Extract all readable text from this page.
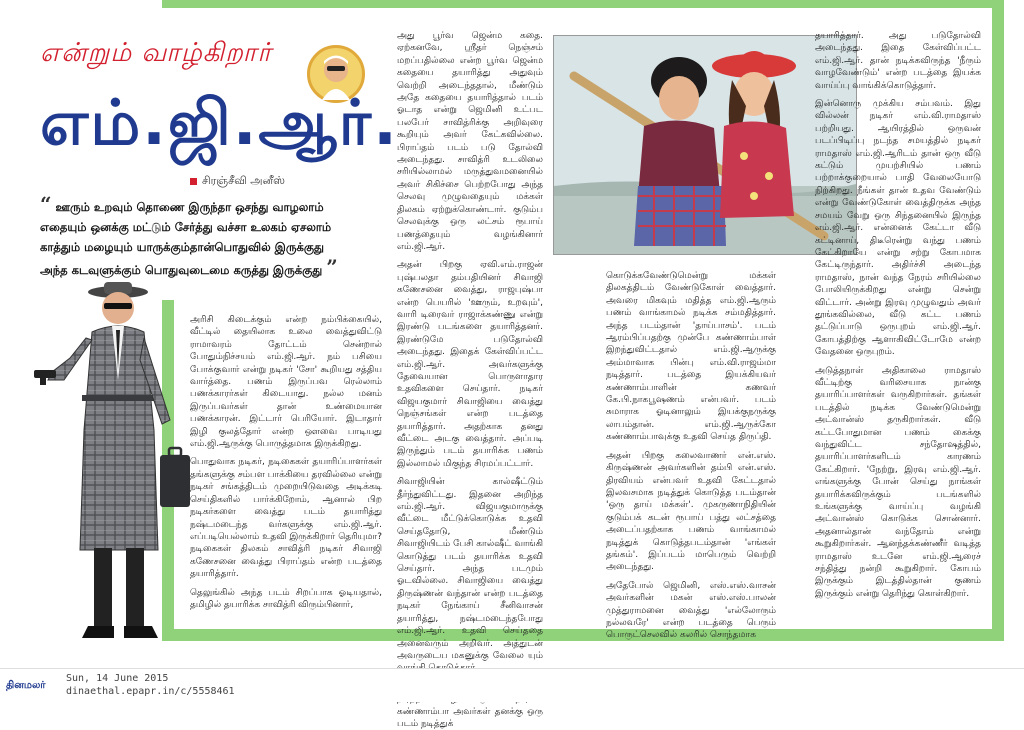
என்றும் வாழ்கிறார்
எம்.ஜி.ஆர்.
சிரஞ்சீவி அனீஸ்
“ ஊரும் உறவும் தொணை இருந்தா ஒசந்து வாழலாம்
எதையும் ஒனக்கு மட்டும் சேர்த்து வச்சா உலகம் ஏசலாம்
காத்தும் மழையும் யாருக்கும்தான்பொதுவில் இருக்குது
அந்த கடவுளுக்கும் பொதுவுடைமை கருத்து இருக்குது ”

அரிசி கிடைக்கும் என்ற நம்பிக்கையில், வீட்டில் தையிலாக உலை வைத்துவிட்டு ராமாவரம் தோட்டம் சென்றால் போதும்நிச்சயம் எம்.ஜி.ஆர். நம் பசியை போக்குவார் என்று நடிகர் 'சோ' கூறியது சத்திய வார்த்தை. பணம் இருப்பவ ரெல்லாம் பணக்காரர்கள் கிடையாது. நல்ல மனம் இருப்பவர்கள் தான் உண்மையான பணக்காரன். இட்டார் பெரியோர். இடாதார் இழி குலத்தோர் என்ற ஔவை பாடியது எம்.ஜி.ஆருக்கு பொருத்தமாக இருக்கிறது.

பொதுவாக நடிகர், நடிகைகள் தயாரிப்பாளர்கள் தங்களுக்கு சம்பள பாக்கியை தரவில்லை என்று நடிகர் சங்கத்திடம் முறையிடுவதை அடிக்கடி செய்திகளில் பார்க்கிறோம், ஆனால் பிற நடிகர்களை வைத்து படம் தயாரித்து நஷ்டமடைந்த வர்களுக்கு எம்.ஜி.ஆர். எப்படியெல்லாம் உதவி இருக்கிறார் தெரியுமா? நடிகைகள் திலகம் சாவித்ரி நடிகர் சிவாஜி கணேசனை வைத்து பிராப்தம் என்ற படத்தை தயாரித்தார்.

தெலுங்கில் அந்த படம் சிறப்பாக ஓடியதால், தமிழில் தயாரிக்க சாவித்ரி விரும்பினார்,

அது பூர்வ ஜென்ம கதை. ஏற்கனவே, ஸ்ரீதர் நெஞ்சம் மறப்பதில்லை என்ற பூர்வ ஜென்ம கதையை தயாரித்து அதுவும் வெற்றி அடைந்ததால், மீண்டும் அதே கதையை தயாரித்தால் படம் ஓடாத என்று ஜெமினி உட்பட பலபேர் சாவித்ரிக்கு அறிவுரை கூறியும் அவர் கேட்கவில்லை. பிராப்தம் படம் படு தோல்வி அடைந்தது. சாவித்ரி உடலிலை சரியில்லாமல் மருத்துவமனையில் அவர் சிகிச்சை பெற்றபோது அந்த செலவு முழுவதையும் மக்கள் திலகம் ஏற்றுக்கொண்டார். குடும்ப செலவுக்கு ஒரு லட்சம் ரூபாய் பணத்தையும் வழங்கினார் எம்.ஜி.ஆர்.

அதன் பிறகு ஏவி.எம்.ராஜன் புஷ்பலதா தம்பதியினர் சிவாஜி கணேசனை வைத்து, ராஜபுஷ்பா என்ற பெயரில் 'ஊரும், உறவும்', வாரி டிரைவர் ராஜாக்கண்ணு என்று இரண்டு படங்களை தயாரித்தனர். இரண்டுமே படுதோல்வி அடைந்தது. இதைக் கேள்விப்பட்ட எம்.ஜி.ஆர். அவர்களுக்கு தேவையான பொருளாதார உதவிகளை செய்தார். நடிகர் விஜயகுமார் சிவாஜியை வைத்து நெஞ்சங்கள் என்ற படத்தை தயாரித்தார். அதற்காக தனது வீட்டை அடகு வைத்தார். அப்படி இருந்தும் படம் தயாரிக்க பணம் இல்லாமல் மிகுந்த சிரமப்பட்டார்.

சிவாஜியின் கால்ஷீட்டும் தீர்ந்துவிட்டது. இதனை அறிந்த எம்.ஜி.ஆர். விஜயகுமாருக்கு வீட்டை மீட்டுக்கொடுக்க உதவி செய்ததோடு, மீண்டும் சிவாஜியிடம் பேசி கால்ஷீட் வாங்கி கொடுத்து படம் தயாரிக்க உதவி செய்தார். அந்த படமும் ஓடவில்லை. சிவாஜியை வைத்து திருஷ்ணன் வந்தான் என்ற படத்தை நடிகர் நேங்காய் சீனிவாசன் தயாரித்து, நஷ்டமடைந்தபோது எம்.ஜி.ஆர். உதவி செய்ததை அனைவரும் அறிவர். அத்துடன் அவருடைய மகனுக்கு வேலை யும்

கண்ணாம்பா அவர்கள் தனக்கு ஒரு படம் நடித்துக்

கொடுக்கவேண்டுமென்று மக்கள் திலகத்திடம் வேண்டுகோள் வைத்தார். அவரை மிகவும் மதித்த எம்.ஜி.ஆரும் பணம் வாங்காமல் நடிக்க சம்மதித்தார். அந்த படம்தான் 'தாய்பாசம்'. படம் ஆரம்பிப்பதற்கு முன்பே கண்ணாம்பாள் இறந்துவிட்டதால் எம்.ஜி.ஆருக்கு அம்மாவாக பின்பு எம்.வி.ராஜம்மா நடித்தார். படத்தை இயக்கியவர் கண்ணாம்பாளின் கணவர் கே.பி.நாகபூஷணம் என்பவர். படம் சுமாராக ஓடினாலும் இயக்குநருக்கு லாபம்தான். எம்.ஜி.ஆருக்கோ கண்ணாம்பாவுக்கு உதவி செய்த திருப்தி.

அதன் பிறகு கலைவாணர் என்.எஸ். கிருஷ்ணன் அவர்களின் தம்பி என்.எஸ். திரவியம் என்பவர் உதவி கேட்டதால் இலவசமாக நடித்துக் கொடுத்த படம்தான் 'ஒரு தாய் மக்கள்'. முகருணாநிதியின் குடும்பக் கடன் ரூபாய் பத்து லட்சத்தை அடைப்பதற்காக பணம் வாங்காமல் நடித்துக் கொடுத்தபடம்தான் 'எங்கள் தங்கம்'. இப்படம் மாபெரும் வெற்றி அடைந்தது.

அதேபோல் ஜெமினி, எஸ்.எஸ்.வாசன் அவர்களின் மகன் எஸ்.எஸ்.பாலன் முத்துராமனை வைத்து 'எல்லோரும் நல்லவரே' என்ற படத்தை பெரும் பொருட்செலவில் கலரில் சொந்தமாக

தயாரித்தார். அது படுதோல்வி அடைந்தது. இதை கேள்விப்பட்ட எம்.ஜி.ஆர். தான் நடிக்கவிருந்த 'நீரும் வாழவேண்டும்' என்ற படத்தை இயக்க வாய்ப்பு வாங்கிக்கொடுத்தார்.

இன்னொரு முக்கிய சம்பவம். இது வில்லன் நடிகர் எம்.வி.ராமதாஸ் பற்றியது. ஆயிரத்தில் ஒருவன் படப்பிடிப்பு நடந்த சமயத்தில் நடிகர் ராமதாஸ் எம்.ஜி.ஆரிடம் தான் ஒரு வீடு கட்டும் முயற்சியில் பணம் பற்றாக்குறையால் பாதி வேலையோடு நிற்கிறது. நீங்கள் தான் உதவ வேண்டும் என்று வேண்டுகோள் வைத்திருக்க அந்த சமயம் வேறு ஒரு சிந்தனையில் இருந்த எம்.ஜி.ஆர். என்னைக் கேட்டா வீடு கட்டினாய், திடீரென்று வந்து பணம் கேட்கிறாயே என்று சற்று கோபமாக கேட்டிருந்தார். அதிர்ச்சி அடைந்த ராமதாஸ், நான் வந்த நேரம் சரியில்லை போலியிருக்கிறது என்று சென்று விட்டார். அன்று இரவு முழுவதும் அவர் தூங்கவில்லை, வீடு கட்ட பணம் தட்டுப்பாடு ஒருபுறம் எம்.ஜி.ஆர். கோபத்திற்கு ஆளாகிவிட்டோமே என்ற வேதனை ஒருபுறம்.

அடுத்தநாள் அதிகாலை ராமதாஸ் வீட்டிற்கு வரிசையாக நான்கு தயாரிப்பாளர்கள் வருகிறார்கள். தங்கள் படத்தில் நடிக்க வேண்டுமென்று அட்வான்ஸ் தருகிறார்கள். வீடு கட்டபோதுமான பணம் கைக்கு வந்துவிட்ட சந்தோஷத்தில், தயாரிப்பாளர்களிடம் காரணம் கேட்கிறார். 'நேற்று, இரவு எம்.ஜி.ஆர். எங்களுக்கு போன் செய்து நாங்கள் தயாரிக்கவிருக்கும் படங்களில் உங்களுக்கு வாய்ப்பு வழங்கி அட்வான்ஸ் கொடுக்க சொன்னார். அதனால்தான் வந்தோம் என்று கூறுகிறார்கள். ஆனந்தக்கண்ணீர் வடித்த ராமதாஸ் உடனே எம்.ஜி.ஆரைச் சந்தித்து நன்றி கூறுகிறார். கோபம் இருக்கும் இடத்தில்தான் குணம் இருக்கும் என்று தெரிந்து கொள்கிறார்.

தினமலர்
Sun, 14 June 2015
dinaethal.epapr.in/c/5558461
